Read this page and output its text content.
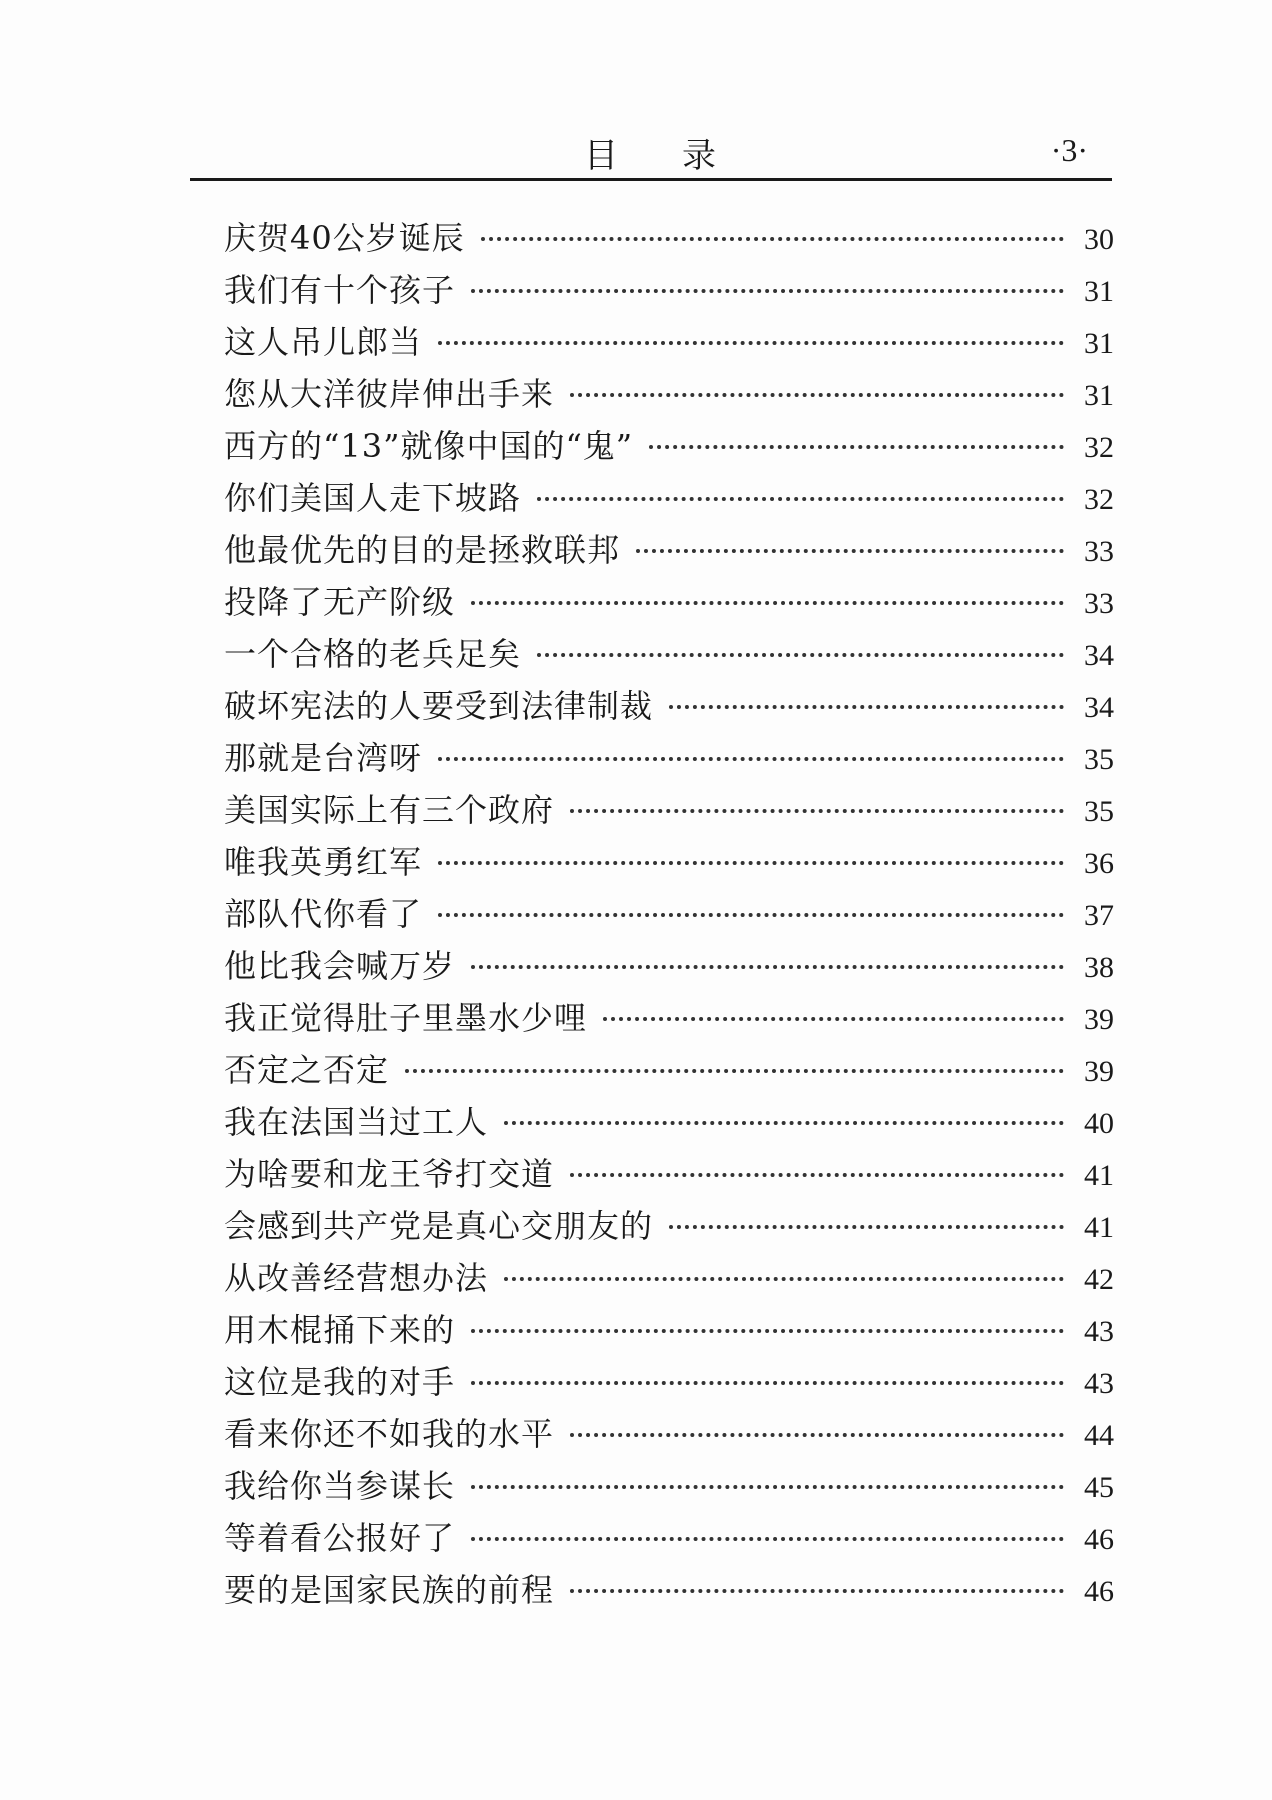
目录	·3·
庆贺40公岁诞辰	30
我们有十个孩子	31
这人吊儿郎当	31
您从大洋彼岸伸出手来	31
西方的“13”就像中国的“鬼”	32
你们美国人走下坡路	32
他最优先的目的是拯救联邦	33
投降了无产阶级	33
一个合格的老兵足矣	34
破坏宪法的人要受到法律制裁	34
那就是台湾呀	35
美国实际上有三个政府	35
唯我英勇红军	36
部队代你看了	37
他比我会喊万岁	38
我正觉得肚子里墨水少哩	39
否定之否定	39
我在法国当过工人	40
为啥要和龙王爷打交道	41
会感到共产党是真心交朋友的	41
从改善经营想办法	42
用木棍捅下来的	43
这位是我的对手	43
看来你还不如我的水平	44
我给你当参谋长	45
等着看公报好了	46
要的是国家民族的前程	46
